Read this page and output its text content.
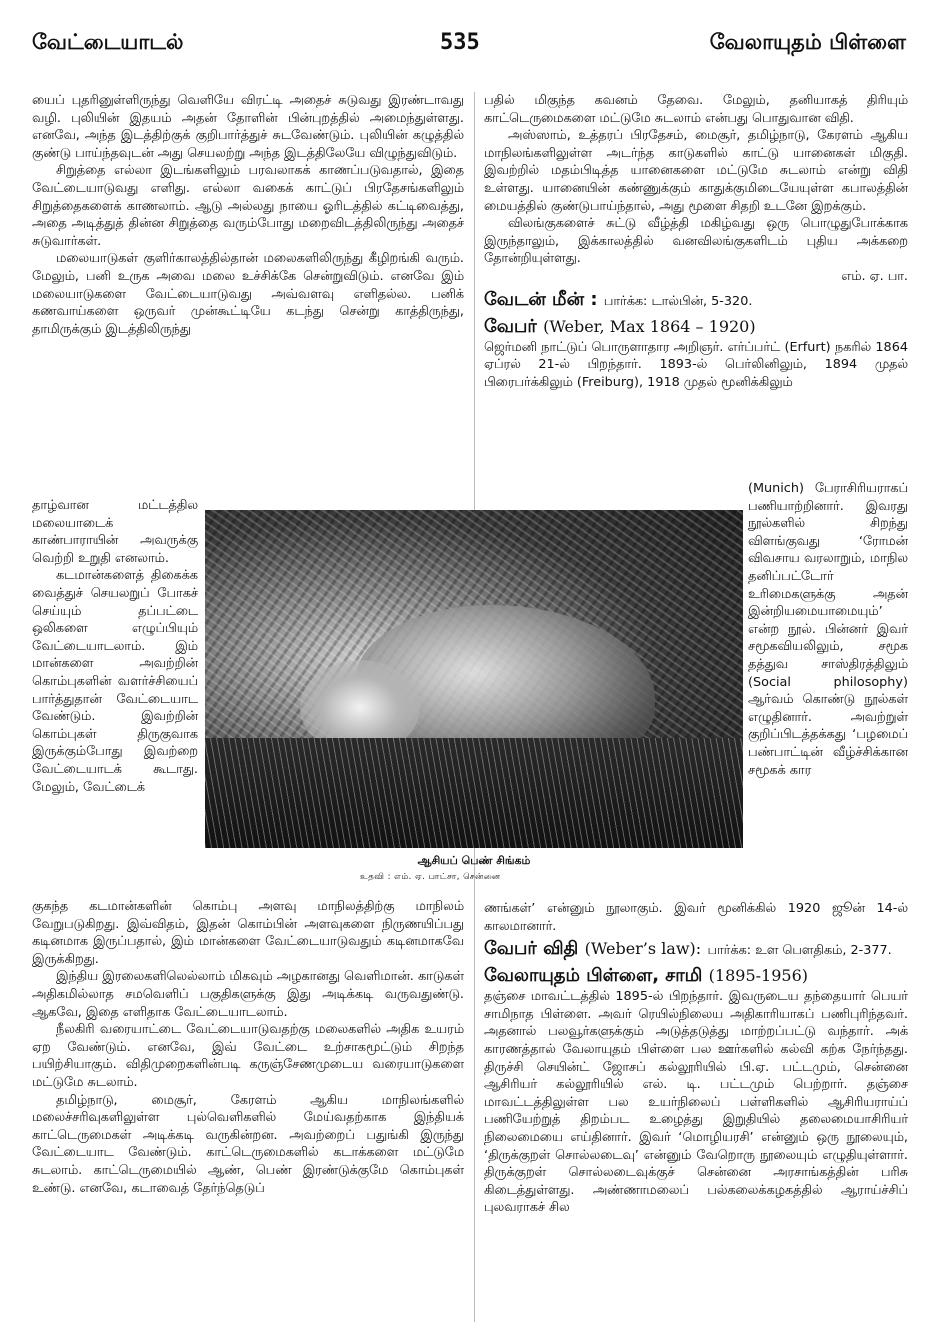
வேட்டையாடல்	535	வேலாயுதம் பிள்ளை

யைப் புதரினுள்ளிருந்து வெளியே விரட்டி அதைச் சுடுவது இரண்டாவது வழி. புலியின் இதயம் அதன் தோளின் பின்புறத்தில் அமைந்துள்ளது. எனவே, அந்த இடத்திற்குக் குறிபார்த்துச் சுடவேண்டும். புலியின் கழுத்தில் குண்டு பாய்ந்தவுடன் அது செயலற்று அந்த இடத்திலேயே விழுந்துவிடும்.

சிறுத்தை எல்லா இடங்களிலும் பரவலாகக் காணப்படுவதால், இதை வேட்டையாடுவது எளிது. எல்லா வகைக் காட்டுப் பிரதேசங்களிலும் சிறுத்தைகளைக் காணலாம். ஆடு அல்லது நாயை ஓரிடத்தில் கட்டிவைத்து, அதை அடித்துத் தின்ன சிறுத்தை வரும்போது மறைவிடத்திலிருந்து அதைச் சுடுவார்கள்.

மலையாடுகள் குளிர்காலத்தில்தான் மலைகளிலிருந்து கீழிறங்கி வரும். மேலும், பனி உருக அவை மலை உச்சிக்கே சென்றுவிடும். எனவே இம் மலையாடுகளை வேட்டையாடுவது அவ்வளவு எளிதல்ல. பனிக் கணவாய்களை ஒருவர் முன்கூட்டியே கடந்து சென்று காத்திருந்து, தாமிருக்கும் இடத்திலிருந்து

தாழ்வான மட்டத்தில மலையாடைக் காண்பாராயின் அவருக்கு வெற்றி உறுதி எனலாம்.

கடமான்களைத் திகைக்க வைத்துச் செயலறுப் போகச் செய்யும் தப்பட்டை ஒலிகளை எழுப்பியும் வேட்டையாடலாம். இம் மான்களை அவற்றின் கொம்புகளின் வளர்ச்சியைப் பார்த்துதான் வேட்டையாட வேண்டும். இவற்றின் கொம்புகள் திருகுவாக இருக்கும்போது இவற்றை வேட்டையாடக் கூடாது. மேலும், வேட்டைக்

குகந்த கடமான்களின் கொம்பு அளவு மாநிலத்திற்கு மாநிலம் வேறுபடுகிறது. இவ்விதம், இதன் கொம்பின் அளவுகளை நிருணயிப்பது கடினமாக இருப்பதால், இம் மான்களை வேட்டையாடுவதும் கடினமாகவே இருக்கிறது.

இந்திய இரலைகளிலெல்லாம் மிகவும் அழகானது வெளிமான். காடுகள் அதிகமில்லாத சமவெளிப் பகுதிகளுக்கு இது அடிக்கடி வருவதுண்டு. ஆகவே, இதை எளிதாக வேட்டையாடலாம்.

நீலகிரி வரையாட்டை வேட்டையாடுவதற்கு மலைகளில் அதிக உயரம் ஏற வேண்டும். எனவே, இவ் வேட்டை உற்சாகமூட்டும் சிறந்த பயிற்சியாகும். விதிமுறைகளின்படி கருஞ்சேணமுடைய வரையாடுகளை மட்டுமே சுடலாம்.

தமிழ்நாடு, மைசூர், கேரளம் ஆகிய மாநிலங்களில் மலைச்சரிவுகளிலுள்ள புல்வெளிகளில் மேய்வதற்காக இந்தியக் காட்டெருமைகள் அடிக்கடி வருகின்றன. அவற்றைப் பதுங்கி இருந்து வேட்டையாட வேண்டும். காட்டெருமைகளில் கடாக்களை மட்டுமே சுடலாம். காட்டெருமையில் ஆண், பெண் இரண்டுக்குமே கொம்புகள் உண்டு. எனவே, கடாவைத் தேர்ந்தெடுப்

பதில் மிகுந்த கவனம் தேவை. மேலும், தனியாகத் திரியும் காட்டெருமைகளை மட்டுமே சுடலாம் என்பது பொதுவான விதி.

அஸ்ஸாம், உத்தரப் பிரதேசம், மைசூர், தமிழ்நாடு, கேரளம் ஆகிய மாநிலங்களிலுள்ள அடர்ந்த காடுகளில் காட்டு யானைகள் மிகுதி. இவற்றில் மதம்பிடித்த யானைகளை மட்டுமே சுடலாம் என்று விதி உள்ளது. யானையின் கண்ணுக்கும் காதுக்குமிடையேயுள்ள கபாலத்தின் மையத்தில் குண்டுபாய்ந்தால், அது மூளை சிதறி உடனே இறக்கும்.

விலங்குகளைச் சுட்டு வீழ்த்தி மகிழ்வது ஒரு பொழுதுபோக்காக இருந்தாலும், இக்காலத்தில் வனவிலங்குகளிடம் புதிய அக்கறை தோன்றியுள்ளது.

எம். ஏ. பா.

வேடன் மீன் : பார்க்க: டால்பின், 5-320.
வேபர் (Weber, Max 1864 – 1920)

ஜெர்மனி நாட்டுப் பொருளாதார அறிஞர். எர்ப்பர்ட் (Erfurt) நகரில் 1864 ஏப்ரல் 21-ல் பிறந்தார். 1893-ல் பெர்லினிலும், 1894 முதல் பிரைபர்க்கிலும் (Freiburg), 1918 முதல் மூனிக்கிலும்

(Munich) பேராசிரியராகப் பணியாற்றினார். இவரது நூல்களில் சிறந்து விளங்குவது ‘ரோமன் விவசாய வரலாறும், மாநில தனிப்பட்டோர் உரிமைகளுக்கு அதன் இன்றியமையாமையும்’ என்ற நூல். பின்னர் இவர் சமூகவியலிலும், சமூக தத்துவ சாஸ்திரத்திலும் (Social philosophy) ஆர்வம் கொண்டு நூல்கள் எழுதினார். அவற்றுள் குறிப்பிடத்தக்கது ‘பழமைப் பண்பாட்டின் வீழ்ச்சிக்கான சமூகக் கார

ணங்கள்’ என்னும் நூலாகும். இவர் மூனிக்கில் 1920 ஜூன் 14-ல் காலமானார்.

வேபர் விதி (Weber’s law): பார்க்க: உள பௌதிகம், 2-377.
வேலாயுதம் பிள்ளை, சாமி (1895-1956)

தஞ்சை மாவட்டத்தில் 1895-ல் பிறந்தார். இவருடைய தந்தையார் பெயர் சாமிநாத பிள்ளை. அவர் ரெயில்நிலைய அதிகாரியாகப் பணிபுரிந்தவர். அதனால் பலவூர்களுக்கும் அடுத்தடுத்து மாற்றப்பட்டு வந்தார். அக் காரணத்தால் வேலாயுதம் பிள்ளை பல ஊர்களில் கல்வி கற்க நேர்ந்தது. திருச்சி செயின்ட் ஜோசப் கல்லூரியில் பி.ஏ. பட்டமும், சென்னை ஆசிரியர் கல்லூரியில் எல். டி. பட்டமும் பெற்றார். தஞ்சை மாவட்டத்திலுள்ள பல உயர்நிலைப் பள்ளிகளில் ஆசிரியராய்ப் பணியேற்றுத் திறம்பட உழைத்து இறுதியில் தலைமையாசிரியர் நிலைமையை எய்தினார். இவர் ‘மொழியரசி’ என்னும் ஒரு நூலையும், ‘திருக்குறள் சொல்லடைவு’ என்னும் வேறொரு நூலையும் எழுதியுள்ளார். திருக்குறள் சொல்லடைவுக்குச் சென்னை அரசாங்கத்தின் பரிசு கிடைத்துள்ளது. அண்ணாமலைப் பல்கலைக்கழகத்தில் ஆராய்ச்சிப் புலவராகச் சில

ஆசியப் பெண் சிங்கம்
உதவி : எம். ஏ. பாட்சா, சென்னை
